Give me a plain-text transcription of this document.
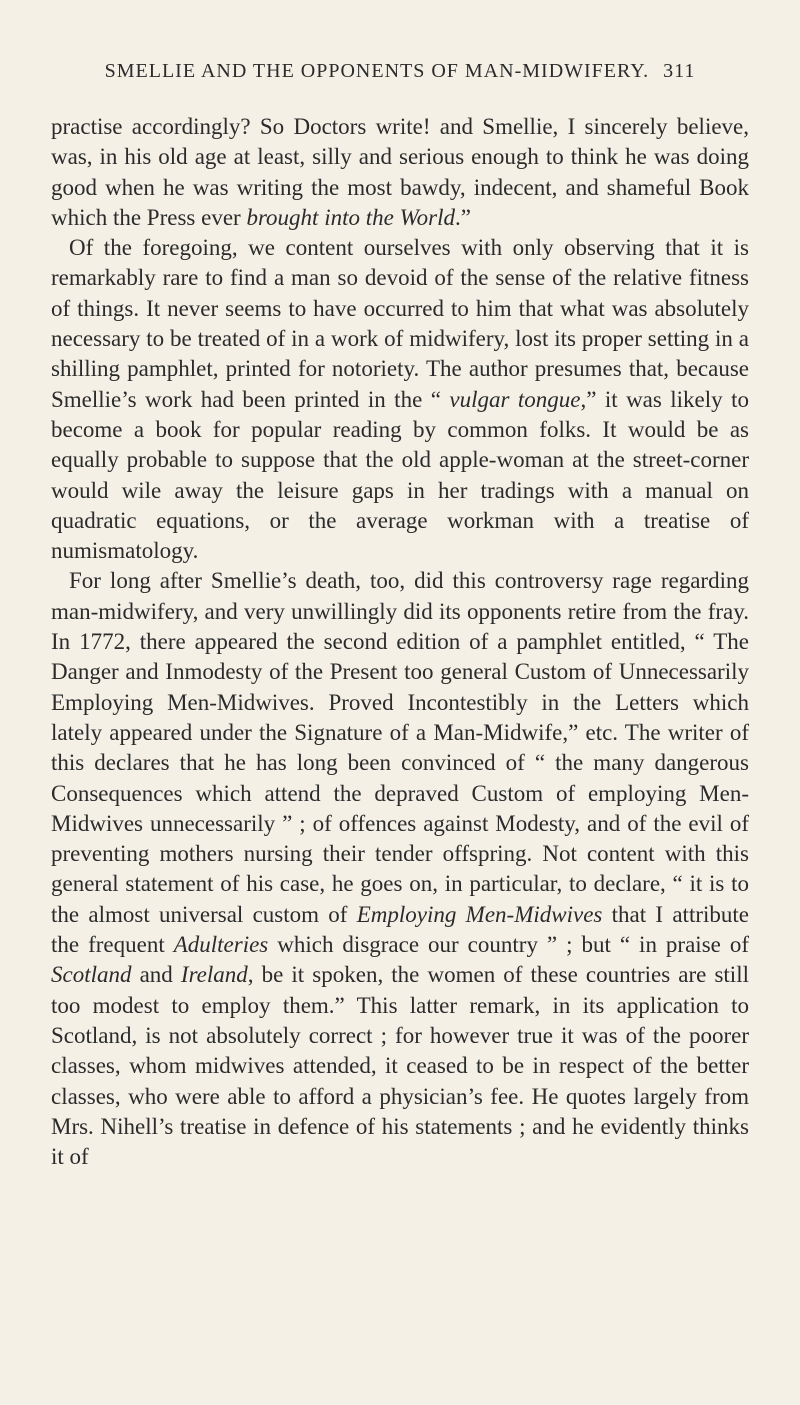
SMELLIE AND THE OPPONENTS OF MAN-MIDWIFERY. 311

practise accordingly? So Doctors write! and Smellie, I sincerely believe, was, in his old age at least, silly and serious enough to think he was doing good when he was writing the most bawdy, indecent, and shameful Book which the Press ever brought into the World.”

Of the foregoing, we content ourselves with only observing that it is remarkably rare to find a man so devoid of the sense of the relative fitness of things. It never seems to have occurred to him that what was absolutely necessary to be treated of in a work of midwifery, lost its proper setting in a shilling pamphlet, printed for notoriety. The author presumes that, because Smellie’s work had been printed in the “ vulgar tongue,” it was likely to become a book for popular reading by common folks. It would be as equally probable to suppose that the old apple-woman at the street-corner would wile away the leisure gaps in her tradings with a manual on quadratic equations, or the average workman with a treatise of numismatology.

For long after Smellie’s death, too, did this controversy rage regarding man-midwifery, and very unwillingly did its opponents retire from the fray. In 1772, there appeared the second edition of a pamphlet entitled, “ The Danger and Inmodesty of the Present too general Custom of Unnecessarily Employing Men-Midwives. Proved Incontestibly in the Letters which lately appeared under the Signature of a Man-Midwife,” etc. The writer of this declares that he has long been convinced of “ the many dangerous Consequences which attend the depraved Custom of employing Men-Midwives unnecessarily ” ; of offences against Modesty, and of the evil of preventing mothers nursing their tender offspring. Not content with this general statement of his case, he goes on, in particular, to declare, “ it is to the almost universal custom of Employing Men-Midwives that I attribute the frequent Adulteries which disgrace our country ” ; but “ in praise of Scotland and Ireland, be it spoken, the women of these countries are still too modest to employ them.” This latter remark, in its application to Scotland, is not absolutely correct ; for however true it was of the poorer classes, whom midwives attended, it ceased to be in respect of the better classes, who were able to afford a physician’s fee. He quotes largely from Mrs. Nihell’s treatise in defence of his statements ; and he evidently thinks it of
